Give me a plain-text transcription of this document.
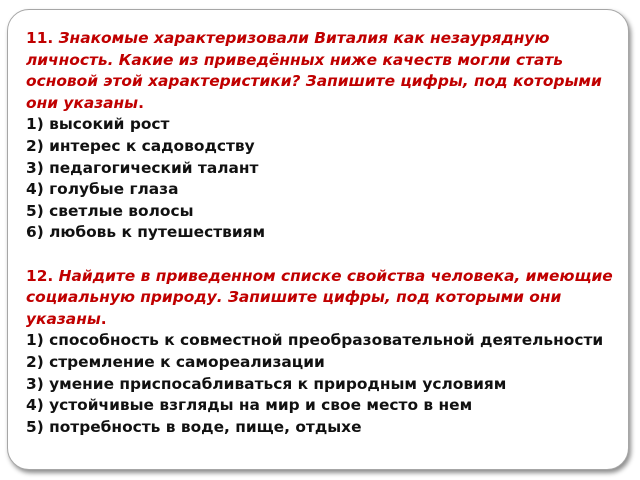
11. Знакомые характеризовали Виталия как незаурядную личность. Какие из приведённых ниже качеств могли стать основой этой характеристики? Запишите цифры, под которыми они указаны.
1) высокий рост
2) интерес к садоводству
3) педагогический талант
4) голубые глаза
5) светлые волосы
6) любовь к путешествиям
12. Найдите в приведенном списке свойства человека, имеющие социальную природу. Запишите цифры, под которыми они указаны.
1) способность к совместной преобразовательной деятельности
2) стремление к самореализации
3) умение приспосабливаться к природным условиям
4) устойчивые взгляды на мир и свое место в нем
5) потребность в воде, пище, отдыхе
